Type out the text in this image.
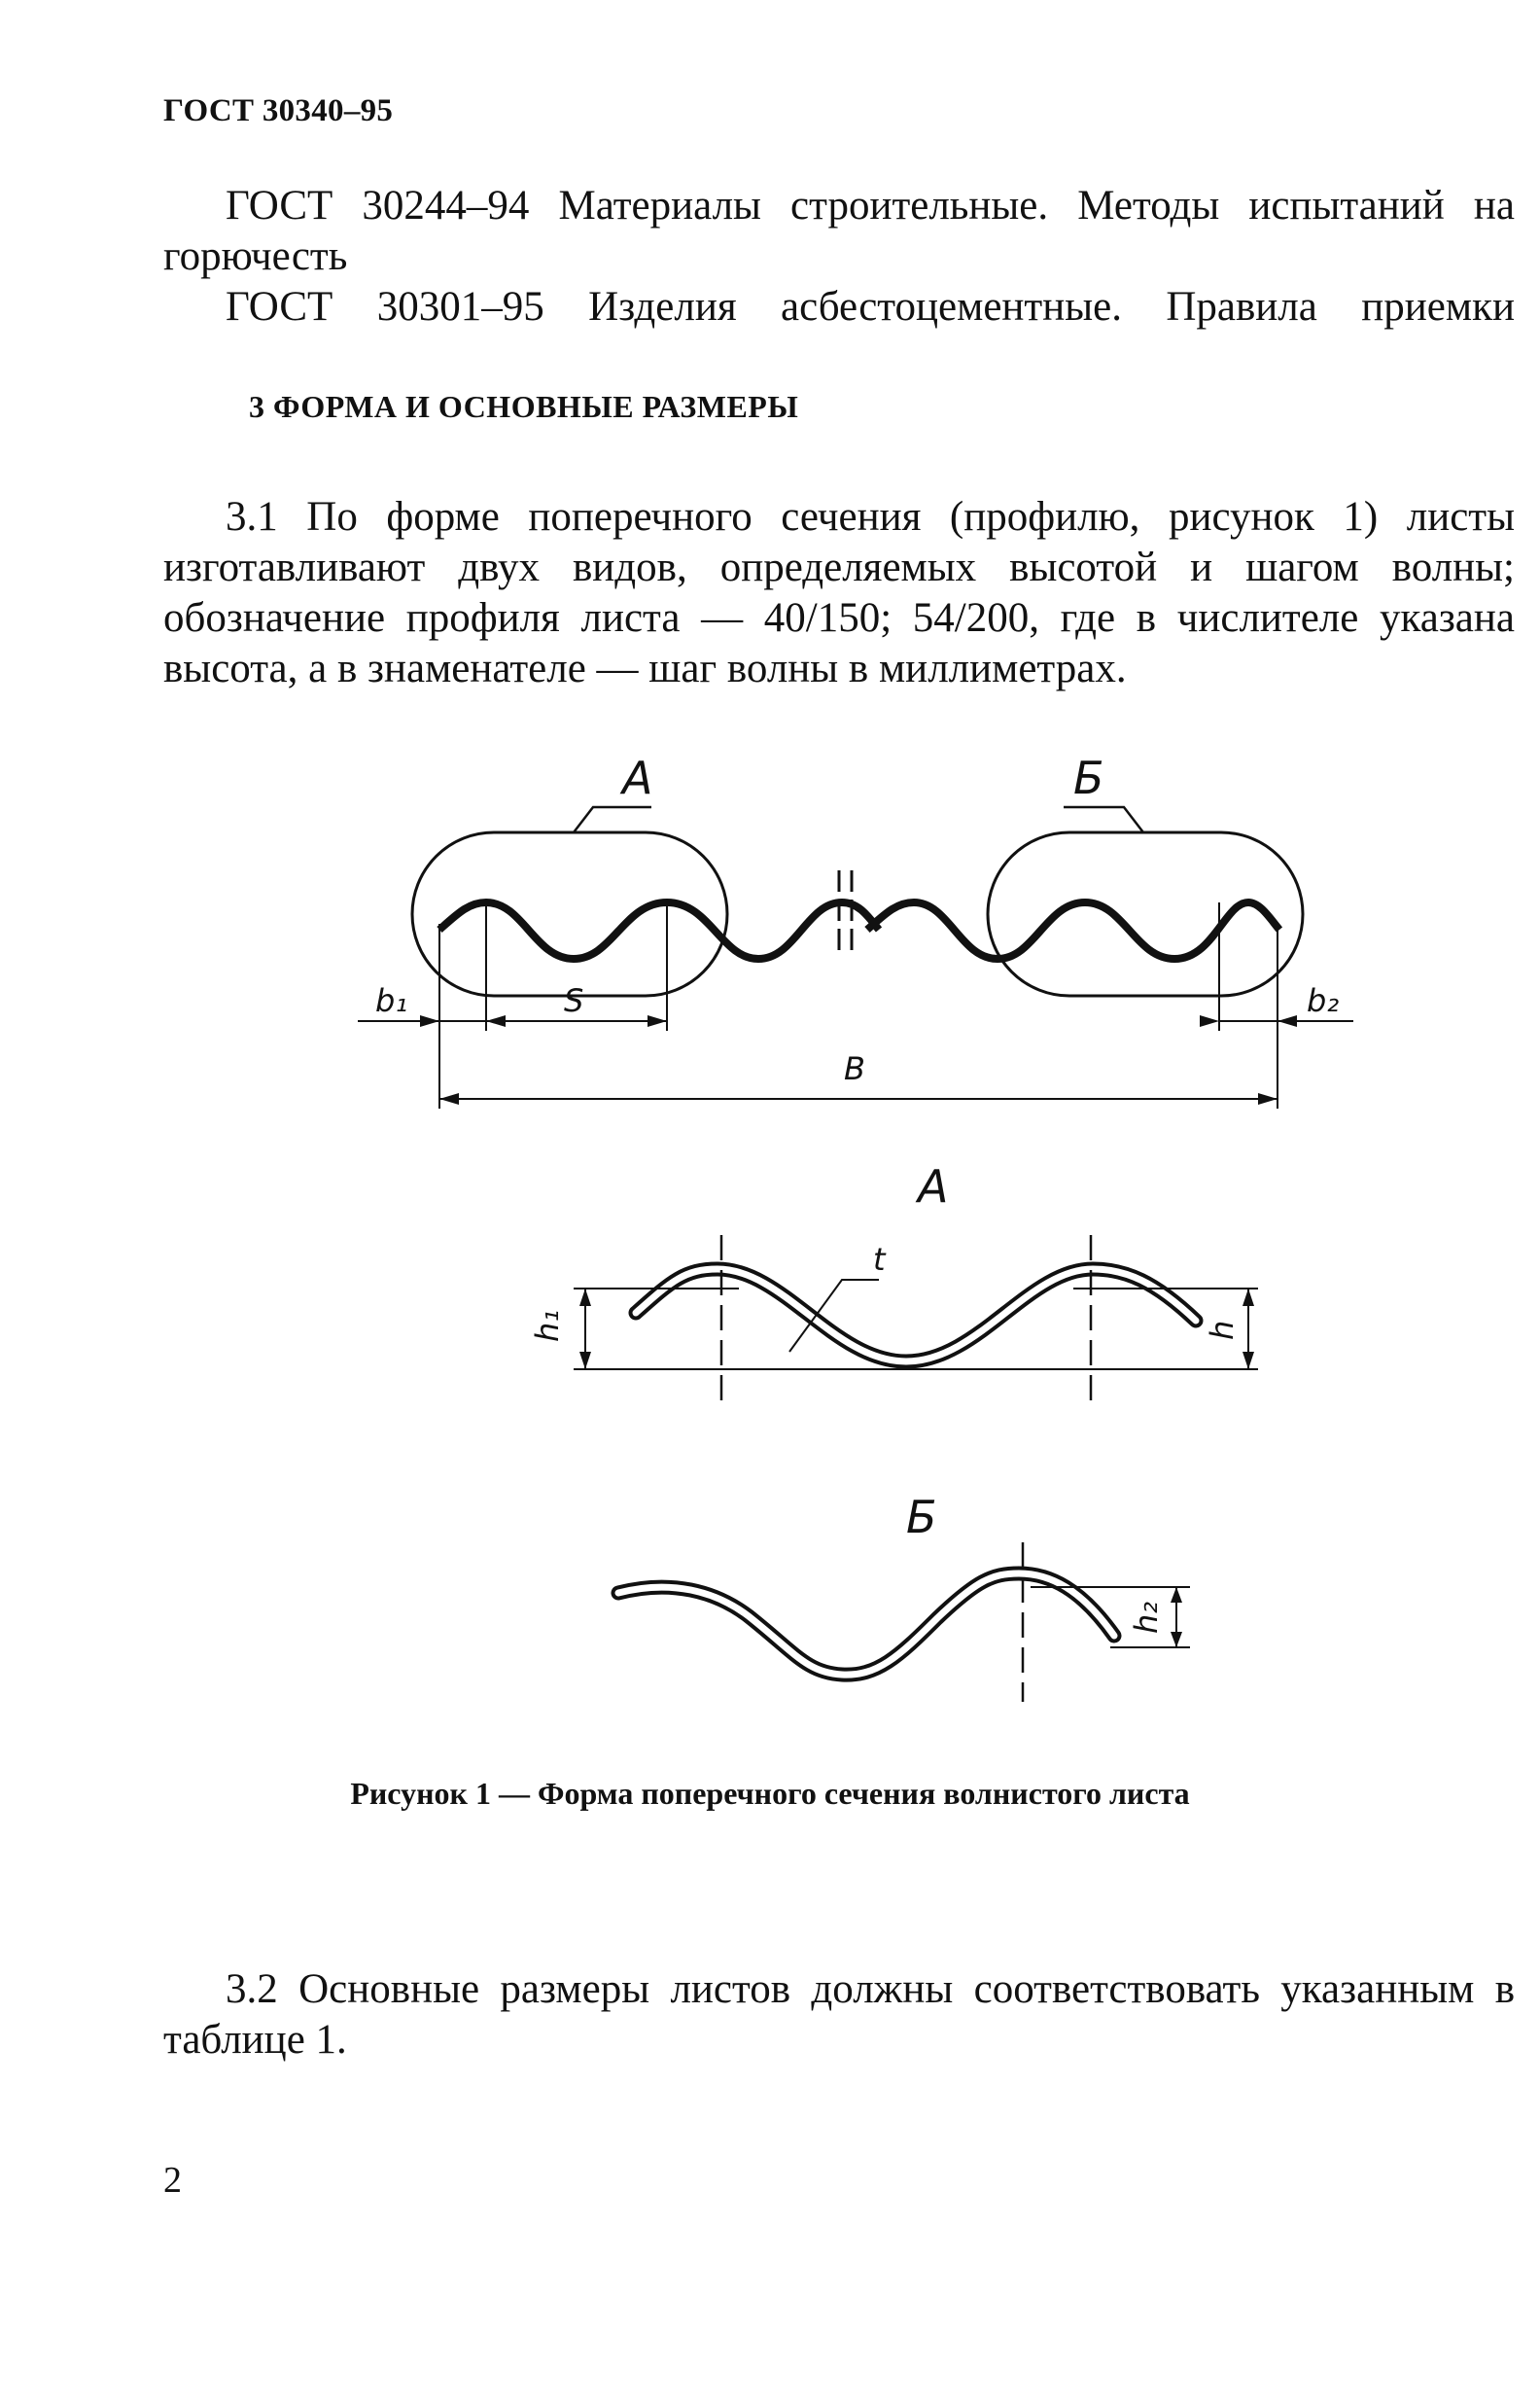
ГОСТ 30340–95
ГОСТ 30244–94 Материалы строительные. Методы испытаний на горючесть
ГОСТ 30301–95 Изделия асбестоцементные. Правила приемки
3 ФОРМА И ОСНОВНЫЕ РАЗМЕРЫ
3.1 По форме поперечного сечения (профилю, рисунок 1) листы изготавливают двух видов, определяемых высотой и шагом волны; обозначение профиля листа — 40/150; 54/200, где в числителе указана высота, а в знаменателе — шаг волны в миллиметрах.
A	Б
b₁	S	b₂
B
A
t
h₁	h
Б
h₂
Рисунок 1 — Форма поперечного сечения волнистого листа
3.2 Основные размеры листов должны соответствовать указанным в таблице 1.
2
